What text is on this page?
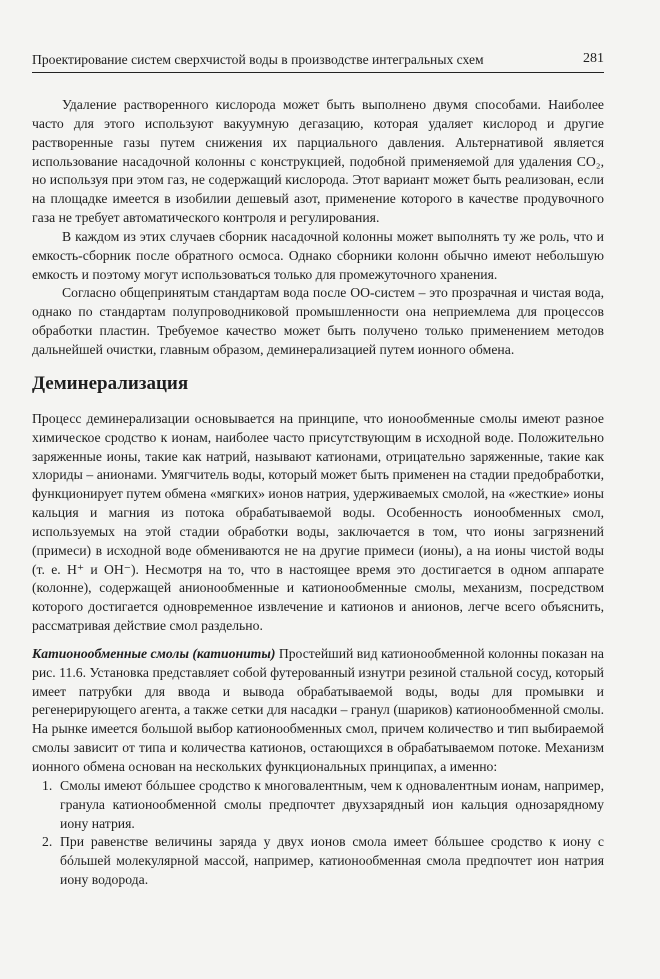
Проектирование систем сверхчистой воды в производстве интегральных схем	281

Удаление растворенного кислорода может быть выполнено двумя способами. Наиболее часто для этого используют вакуумную дегазацию, которая удаляет кислород и другие растворенные газы путем снижения их парциального давления. Альтернативой является использование насадочной колонны с конструкцией, подобной применяемой для удаления CO₂, но используя при этом газ, не содержащий кислорода. Этот вариант может быть реализован, если на площадке имеется в изобилии дешевый азот, применение которого в качестве продувочного газа не требует автоматического контроля и регулирования.

В каждом из этих случаев сборник насадочной колонны может выполнять ту же роль, что и емкость-сборник после обратного осмоса. Однако сборники колонн обычно имеют небольшую емкость и поэтому могут использоваться только для промежуточного хранения.

Согласно общепринятым стандартам вода после ОО-систем – это прозрачная и чистая вода, однако по стандартам полупроводниковой промышленности она неприемлема для процессов обработки пластин. Требуемое качество может быть получено только применением методов дальнейшей очистки, главным образом, деминерализацией путем ионного обмена.

Деминерализация

Процесс деминерализации основывается на принципе, что ионообменные смолы имеют разное химическое сродство к ионам, наиболее часто присутствующим в исходной воде. Положительно заряженные ионы, такие как натрий, называют катионами, отрицательно заряженные, такие как хлориды – анионами. Умягчитель воды, который может быть применен на стадии предобработки, функционирует путем обмена «мягких» ионов натрия, удерживаемых смолой, на «жесткие» ионы кальция и магния из потока обрабатываемой воды. Особенность ионообменных смол, используемых на этой стадии обработки воды, заключается в том, что ионы загрязнений (примеси) в исходной воде обмениваются не на другие примеси (ионы), а на ионы чистой воды (т. е. H⁺ и OH⁻). Несмотря на то, что в настоящее время это достигается в одном аппарате (колонне), содержащей анионообменные и катионообменные смолы, механизм, посредством которого достигается одновременное извлечение и катионов и анионов, легче всего объяснить, рассматривая действие смол раздельно.

Катионообменные смолы (катиониты) Простейший вид катионообменной колонны показан на рис. 11.6. Установка представляет собой футерованный изнутри резиной стальной сосуд, который имеет патрубки для ввода и вывода обрабатываемой воды, воды для промывки и регенерирующего агента, а также сетки для насадки – гранул (шариков) катионообменной смолы. На рынке имеется большой выбор катионообменных смол, причем количество и тип выбираемой смолы зависит от типа и количества катионов, остающихся в обрабатываемом потоке. Механизм ионного обмена основан на нескольких функциональных принципах, а именно:

1. Смолы имеют бóльшее сродство к многовалентным, чем к одновалентным ионам, например, гранула катионообменной смолы предпочтет двухзарядный ион кальция однозарядному иону натрия.
2. При равенстве величины заряда у двух ионов смола имеет бóльшее сродство к иону с бóльшей молекулярной массой, например, катионообменная смола предпочтет ион натрия иону водорода.
